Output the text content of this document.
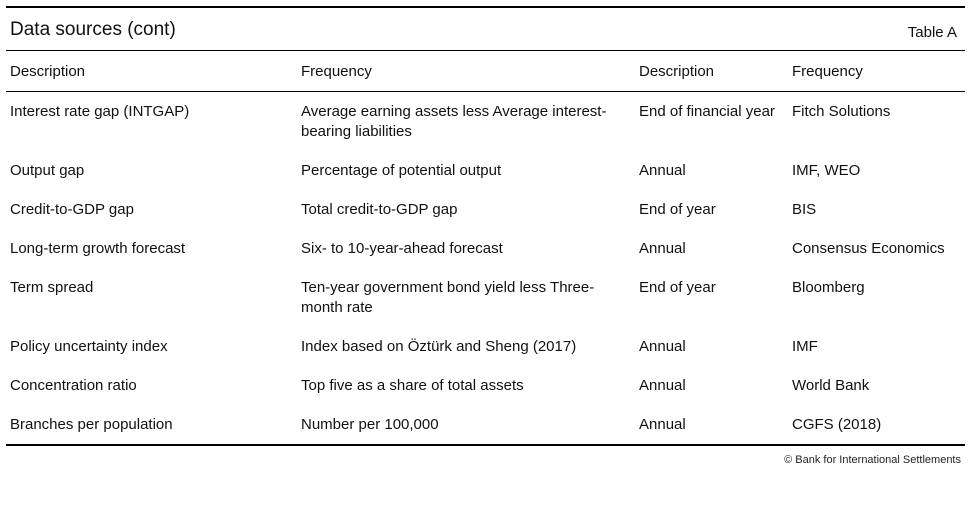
Data sources (cont)	Table A
Description	Frequency	Description	Frequency
Interest rate gap (INTGAP)	Average earning assets less Average interest-bearing liabilities	End of financial year	Fitch Solutions
Output gap	Percentage of potential output	Annual	IMF, WEO
Credit-to-GDP gap	Total credit-to-GDP gap	End of year	BIS
Long-term growth forecast	Six- to 10-year-ahead forecast	Annual	Consensus Economics
Term spread	Ten-year government bond yield less Three-month rate	End of year	Bloomberg
Policy uncertainty index	Index based on Öztürk and Sheng (2017)	Annual	IMF
Concentration ratio	Top five as a share of total assets	Annual	World Bank
Branches per population	Number per 100,000	Annual	CGFS (2018)
© Bank for International Settlements
